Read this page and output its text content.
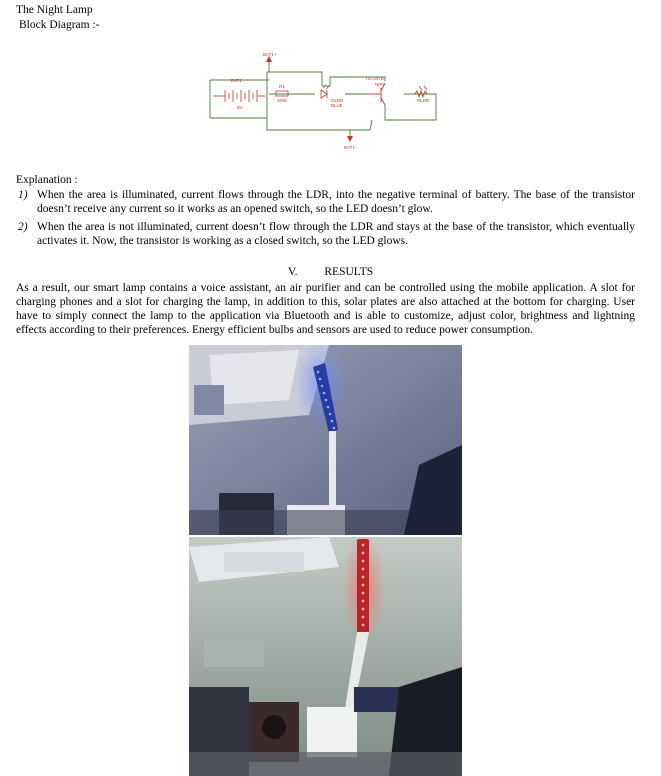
The Night Lamp
Block Diagram :-
BAT1+
BAT1
9V
R1
100k	OLED
BLUE
TIS 547B
NPN
RLDR
BAT1-
Explanation :
1) When the area is illuminated, current flows through the LDR, into the negative terminal of battery. The base of the transistor doesn’t receive any current so it works as an opened switch, so the LED doesn’t glow.
2) When the area is not illuminated, current doesn’t flow through the LDR and stays at the base of the transistor, which eventually activates it. Now, the transistor is working as a closed switch, so the LED glows.
V. RESULTS
As a result, our smart lamp contains a voice assistant, an air purifier and can be controlled using the mobile application. A slot for charging phones and a slot for charging the lamp, in addition to this, solar plates are also attached at the bottom for charging. User have to simply connect the lamp to the application via Bluetooth and is able to customize, adjust color, brightness and lightning effects according to their preferences. Energy efficient bulbs and sensors are used to reduce power consumption.
